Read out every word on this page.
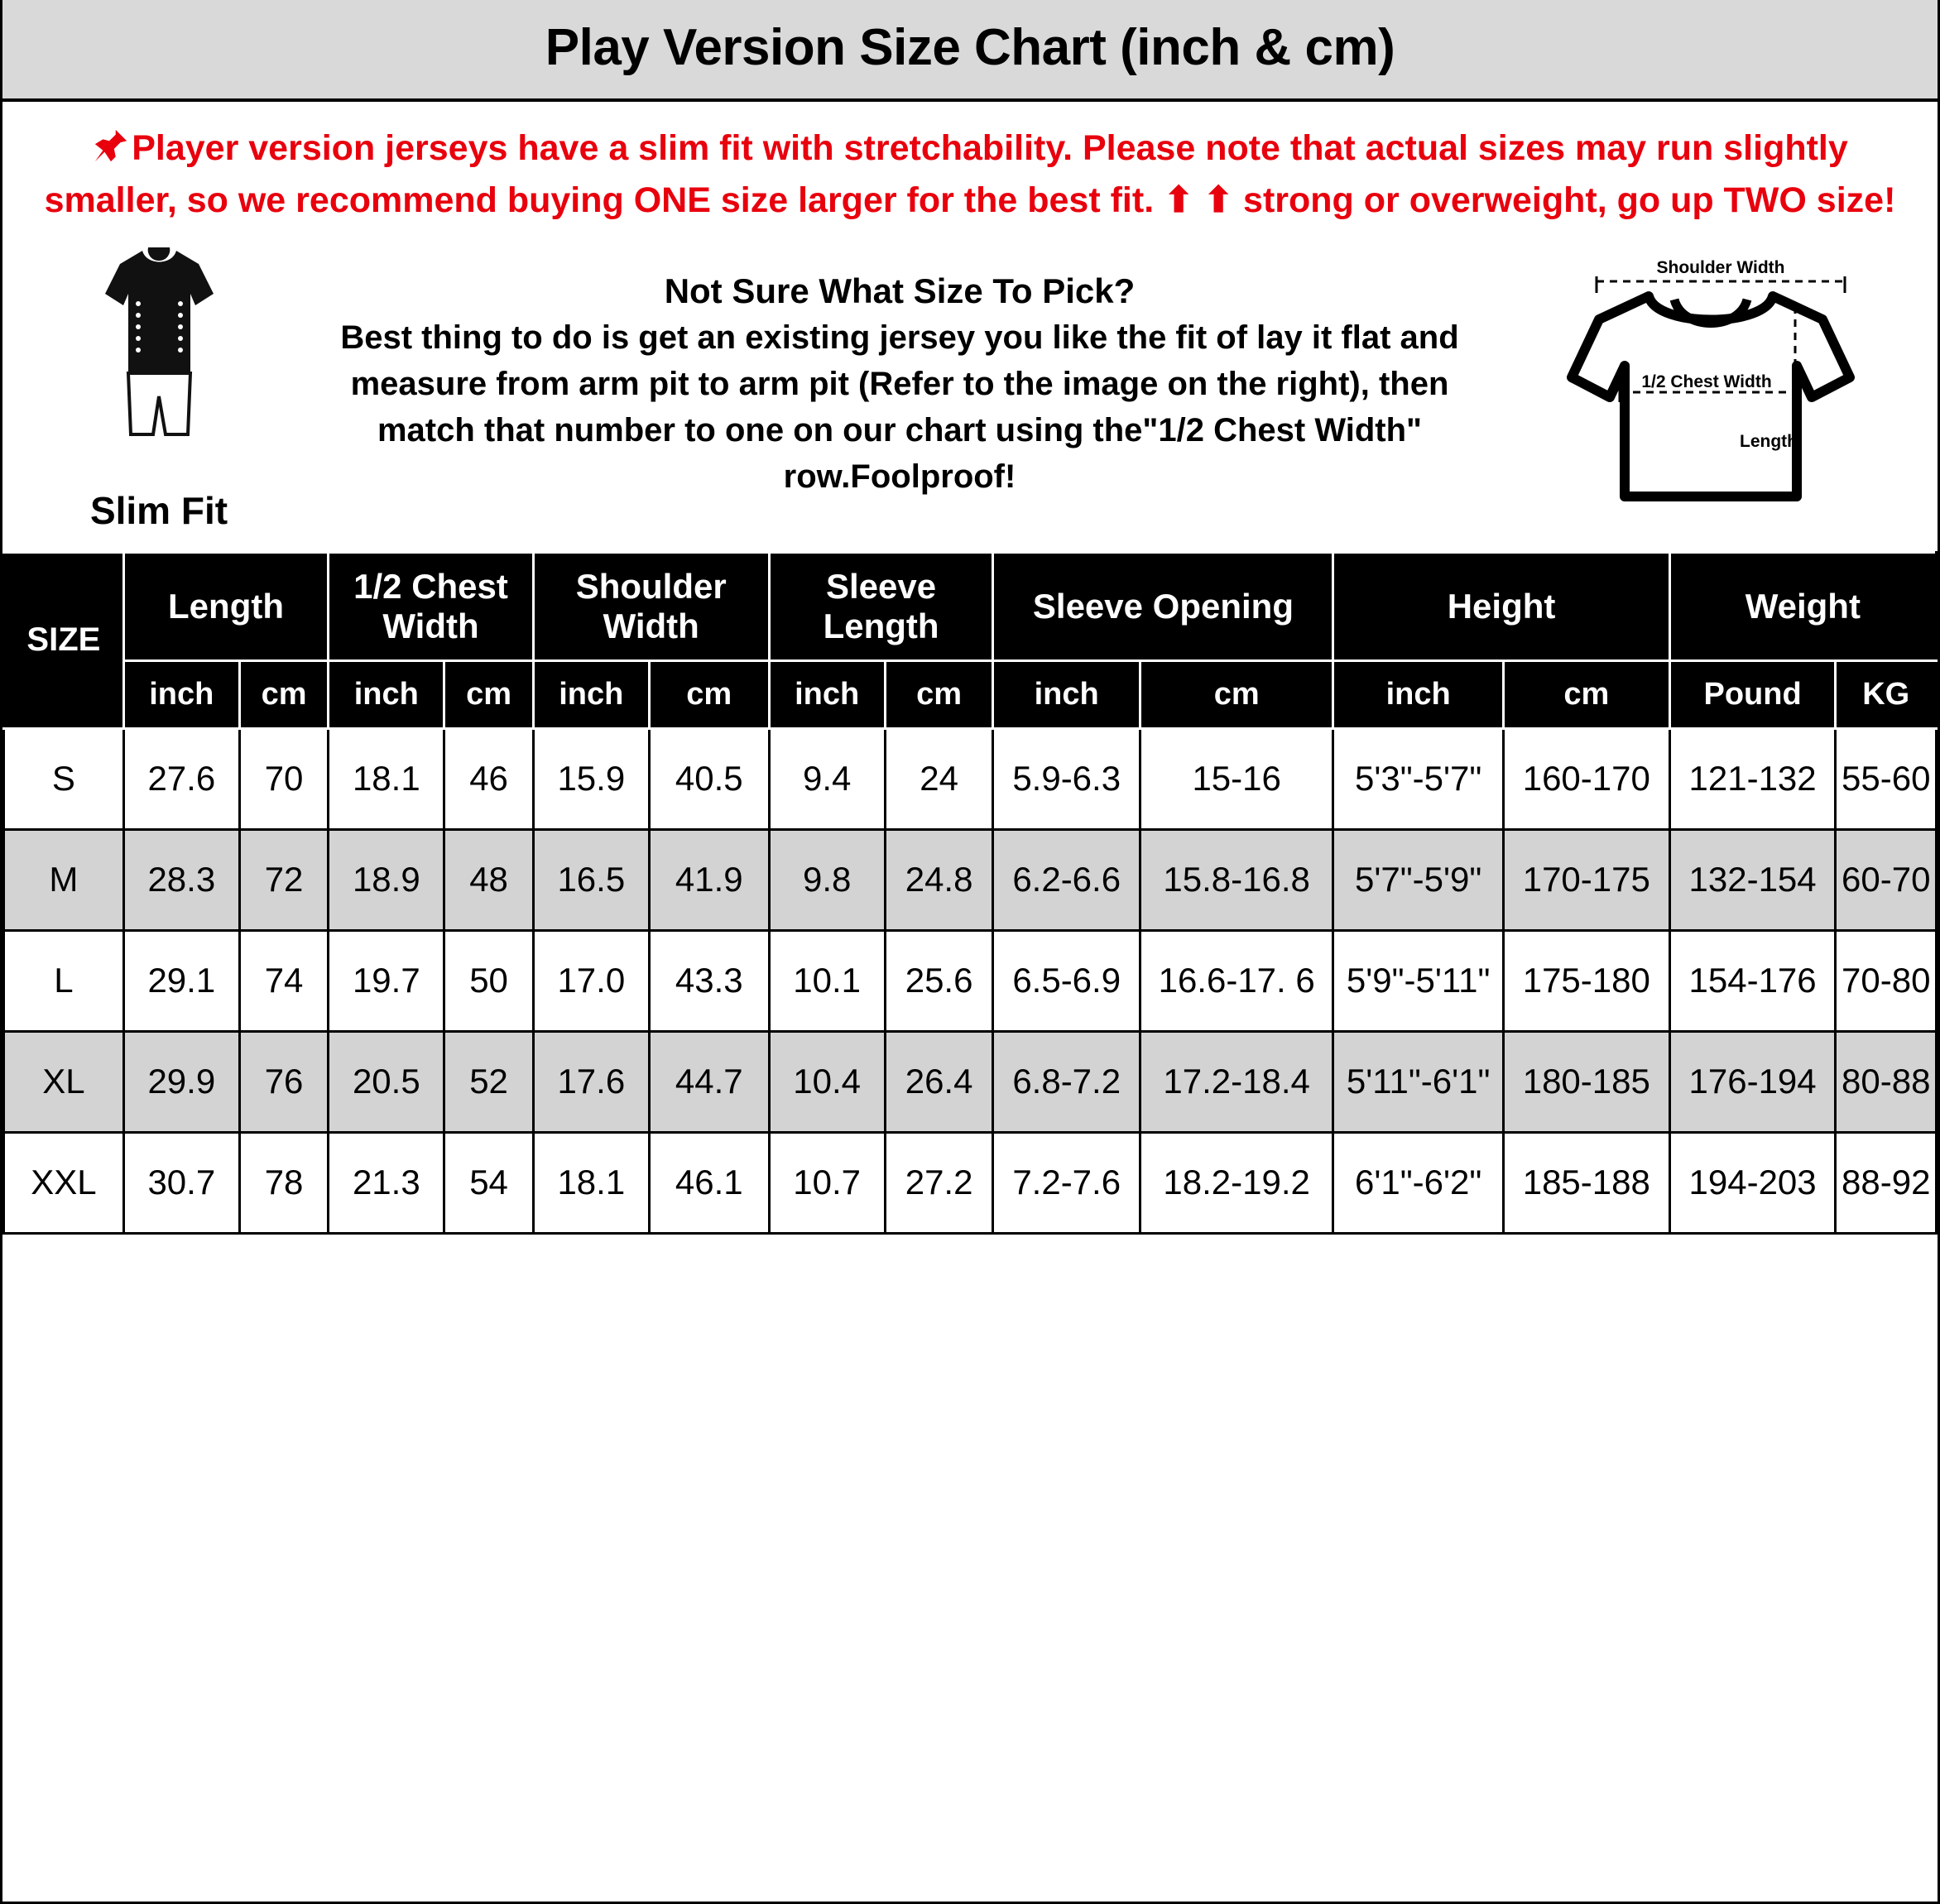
Play Version Size Chart (inch & cm)
Player version jerseys have a slim fit with stretchability. Please note that actual sizes may run slightly smaller, so we recommend buying ONE size larger for the best fit. ⬆ ⬆ strong or overweight, go up TWO size!
Slim Fit
Not Sure What Size To Pick?
Best thing to do is get an existing jersey you like the fit of lay it flat and measure from arm pit to arm pit (Refer to the image on the right), then match that number to one on our chart using the"1/2 Chest Width" row.Foolproof!
Shoulder Width
1/2 Chest Width
Length
SIZE	Length		1/2 Chest Width		Shoulder Width		Sleeve Length		Sleeve Opening		Height		Weight	
	inch	cm	inch	cm	inch	cm	inch	cm	inch	cm	inch	cm	Pound	KG
S	27.6	70	18.1	46	15.9	40.5	9.4	24	5.9-6.3	15-16	5'3"-5'7"	160-170	121-132	55-60
M	28.3	72	18.9	48	16.5	41.9	9.8	24.8	6.2-6.6	15.8-16.8	5'7"-5'9"	170-175	132-154	60-70
L	29.1	74	19.7	50	17.0	43.3	10.1	25.6	6.5-6.9	16.6-17. 6	5'9"-5'11"	175-180	154-176	70-80
XL	29.9	76	20.5	52	17.6	44.7	10.4	26.4	6.8-7.2	17.2-18.4	5'11"-6'1"	180-185	176-194	80-88
XXL	30.7	78	21.3	54	18.1	46.1	10.7	27.2	7.2-7.6	18.2-19.2	6'1"-6'2"	185-188	194-203	88-92
